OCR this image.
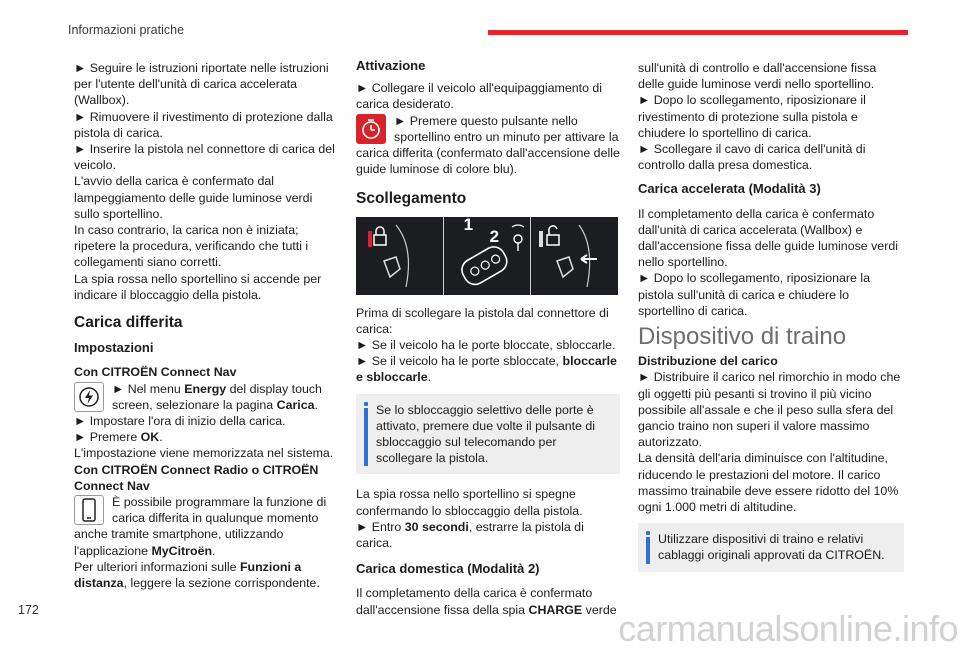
Informazioni pratiche

► Seguire le istruzioni riportate nelle istruzioni per l'utente dell'unità di carica accelerata (Wallbox).

► Rimuovere il rivestimento di protezione dalla pistola di carica.

► Inserire la pistola nel connettore di carica del veicolo.

L'avvio della carica è confermato dal lampeggiamento delle guide luminose verdi sullo sportellino.

In caso contrario, la carica non è iniziata; ripetere la procedura, verificando che tutti i collegamenti siano corretti.

La spia rossa nello sportellino si accende per indicare il bloccaggio della pistola.

Carica differita
Impostazioni

Con CITROËN Connect Nav

► Nel menu Energy del display touch screen, selezionare la pagina Carica.

► Impostare l'ora di inizio della carica.

► Premere OK.

L'impostazione viene memorizzata nel sistema.

Con CITROËN Connect Radio o CITROËN Connect Nav

È possibile programmare la funzione di carica differita in qualunque momento anche tramite smartphone, utilizzando l'applicazione MyCitroën.

Per ulteriori informazioni sulle Funzioni a distanza, leggere la sezione corrispondente.

Attivazione

► Collegare il veicolo all'equipaggiamento di carica desiderato.

► Premere questo pulsante nello sportellino entro un minuto per attivare la carica differita (confermato dall'accensione delle guide luminose di colore blu).

Scollegamento
1
2

Prima di scollegare la pistola dal connettore di carica:

► Se il veicolo ha le porte bloccate, sbloccarle.

► Se il veicolo ha le porte sbloccate, bloccarle e sbloccarle.

Se lo sbloccaggio selettivo delle porte è attivato, premere due volte il pulsante di sbloccaggio sul telecomando per scollegare la pistola.

La spia rossa nello sportellino si spegne confermando lo sbloccaggio della pistola.

► Entro 30 secondi, estrarre la pistola di carica.

Carica domestica (Modalità 2)

Il completamento della carica è confermato dall'accensione fissa della spia CHARGE verde

sull'unità di controllo e dall'accensione fissa delle guide luminose verdi nello sportellino.

► Dopo lo scollegamento, riposizionare il rivestimento di protezione sulla pistola e chiudere lo sportellino di carica.

► Scollegare il cavo di carica dell'unità di controllo dalla presa domestica.

Carica accelerata (Modalità 3)

Il completamento della carica è confermato dall'unità di carica accelerata (Wallbox) e dall'accensione fissa delle guide luminose verdi nello sportellino.

► Dopo lo scollegamento, riposizionare la pistola sull'unità di carica e chiudere lo sportellino di carica.

Dispositivo di traino

Distribuzione del carico

► Distribuire il carico nel rimorchio in modo che gli oggetti più pesanti si trovino il più vicino possibile all'assale e che il peso sulla sfera del gancio traino non superi il valore massimo autorizzato.

La densità dell'aria diminuisce con l'altitudine, riducendo le prestazioni del motore. Il carico massimo trainabile deve essere ridotto del 10% ogni 1.000 metri di altitudine.

Utilizzare dispositivi di traino e relativi cablaggi originali approvati da CITROËN.

172	carmanualsonline.info
